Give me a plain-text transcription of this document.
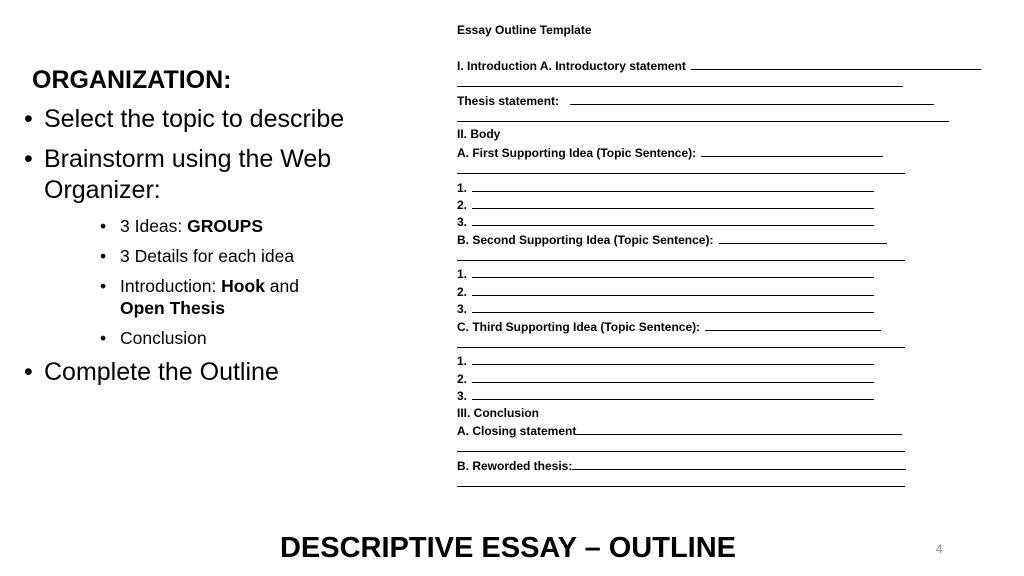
ORGANIZATION:
• Select the topic to describe
• Brainstorm using the Web Organizer:
• 3 Ideas: GROUPS
• 3 Details for each idea
• Introduction: Hook and
Open Thesis
• Conclusion
• Complete the Outline
Essay Outline Template
I. Introduction A. Introductory statement
Thesis statement:
II. Body
A. First Supporting Idea (Topic Sentence):
1.
2.
3.
B. Second Supporting Idea (Topic Sentence):
1.
2.
3.
C. Third Supporting Idea (Topic Sentence):
1.
2.
3.
III. Conclusion
A. Closing statement
B. Reworded thesis:
DESCRIPTIVE ESSAY – OUTLINE	4
